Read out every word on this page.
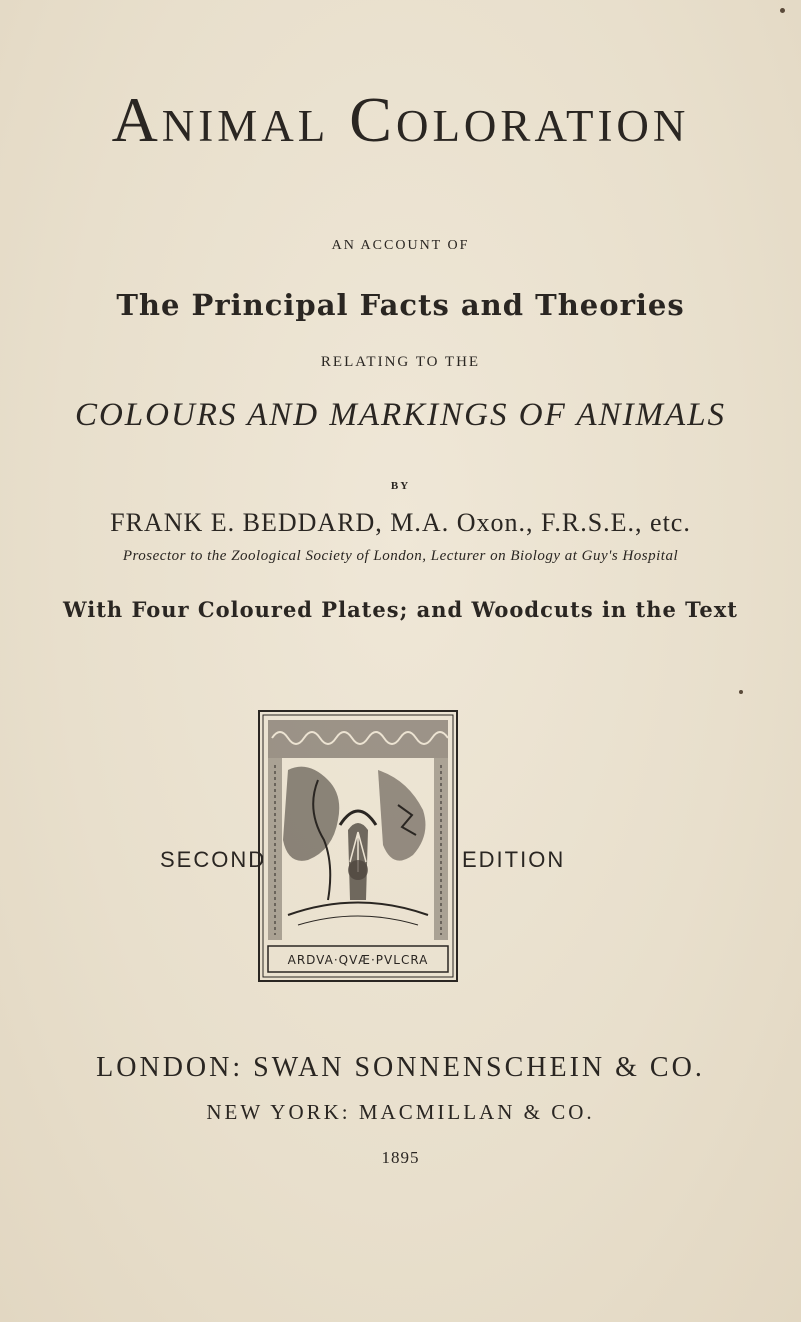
Animal Coloration
AN ACCOUNT OF
The Principal Facts and Theories
RELATING TO THE
COLOURS AND MARKINGS OF ANIMALS
BY
FRANK E. BEDDARD, M.A. Oxon., F.R.S.E., etc.
Prosector to the Zoological Society of London, Lecturer on Biology at Guy's Hospital
With Four Coloured Plates; and Woodcuts in the Text
SECOND
ARDVA·QVÆ·PVLCRA
EDITION
LONDON: SWAN SONNENSCHEIN & CO.
NEW YORK: MACMILLAN & CO.
1895
